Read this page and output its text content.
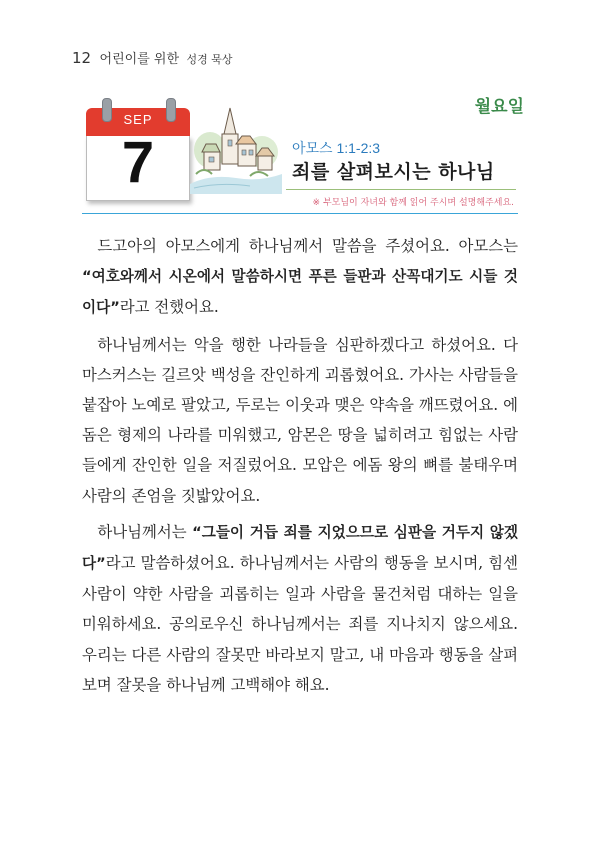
12 어린이를 위한 성경 묵상
월요일
SEP
7	아모스 1:1-2:3
죄를 살펴보시는 하나님
※ 부모님이 자녀와 함께 읽어 주시며 설명해주세요.

드고아의 아모스에게 하나님께서 말씀을 주셨어요. 아모스는 “여호와께서 시온에서 말씀하시면 푸른 들판과 산꼭대기도 시들 것이다”라고 전했어요.

하나님께서는 악을 행한 나라들을 심판하겠다고 하셨어요. 다마스커스는 길르앗 백성을 잔인하게 괴롭혔어요. 가사는 사람들을 붙잡아 노예로 팔았고, 두로는 이웃과 맺은 약속을 깨뜨렸어요. 에돔은 형제의 나라를 미워했고, 암몬은 땅을 넓히려고 힘없는 사람들에게 잔인한 일을 저질렀어요. 모압은 에돔 왕의 뼈를 불태우며 사람의 존엄을 짓밟았어요.

하나님께서는 “그들이 거듭 죄를 지었으므로 심판을 거두지 않겠다”라고 말씀하셨어요. 하나님께서는 사람의 행동을 보시며, 힘센 사람이 약한 사람을 괴롭히는 일과 사람을 물건처럼 대하는 일을 미워하세요. 공의로우신 하나님께서는 죄를 지나치지 않으세요. 우리는 다른 사람의 잘못만 바라보지 말고, 내 마음과 행동을 살펴보며 잘못을 하나님께 고백해야 해요.
